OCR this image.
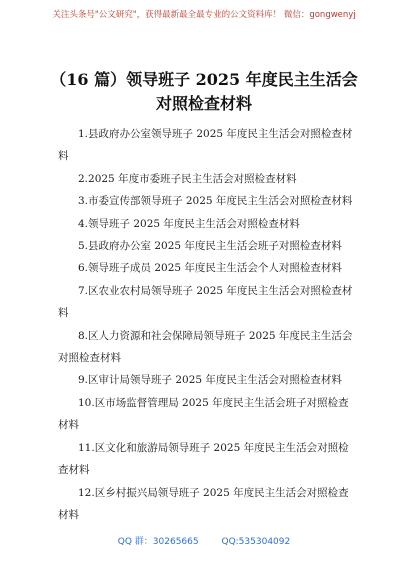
关注头条号"公文研究"，获得最新最全最专业的公文资料库！ 微信：gongwenyj
（16 篇）领导班子 2025 年度民主生活会
对照检查材料
1.县政府办公室领导班子 2025 年度民主生活会对照检查材料
2.2025 年度市委班子民主生活会对照检查材料
3.市委宣传部领导班子 2025 年度民主生活会对照检查材料
4.领导班子 2025 年度民主生活会对照检查材料
5.县政府办公室 2025 年度民主生活会班子对照检查材料
6.领导班子成员 2025 年度民主生活会个人对照检查材料
7.区农业农村局领导班子 2025 年度民主生活会对照检查材料
8.区人力资源和社会保障局领导班子 2025 年度民主生活会对照检查材料
9.区审计局领导班子 2025 年度民主生活会对照检查材料
10.区市场监督管理局 2025 年度民主生活会班子对照检查材料
11.区文化和旅游局领导班子 2025 年度民主生活会对照检查材料
12.区乡村振兴局领导班子 2025 年度民主生活会对照检查材料
QQ 群：30265665	QQ:535304092
